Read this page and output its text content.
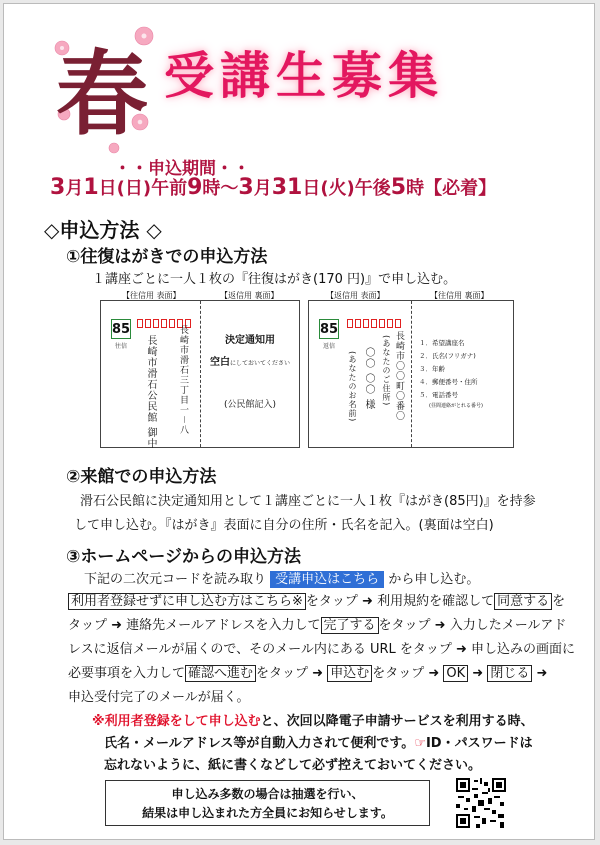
春 受講生募集
・・申込期間・・
3月1日(日)午前9時〜3月31日(火)午後5時【必着】
◇申込方法 ◇
①往復はがきでの申込方法
１講座ごとに一人１枚の『往復はがき(170 円)』で申し込む。
【往信用 表面】	【返信用 裏面】
85
往信 長崎市滑石公民館 御中 長崎市滑石三丁目一－八	決定通知用
空白にしておいてください
(公民館記入)
【返信用 表面】	【往信用 裏面】
85
返信	長崎市〇〇町〇番〇
(あなたのご住所)
〇〇 〇〇 様
(あなたのお名前)
１．希望講座名
２．氏名(フリガナ)
３．年齢
４．郵便番号・住所
５．電話番号
(昼間連絡がとれる番号)
②来館での申込方法
滑石公民館に決定通知用として１講座ごとに一人１枚『はがき(85円)』を持参
して申し込む。『はがき』表面に自分の住所・氏名を記入。(裏面は空白)
③ホームページからの申込方法
下記の二次元コードを読み取り 受講申込はこちら から申し込む。
利用者登録せずに申し込む方はこちら※ をタップ ➜ 利用規約を確認して 同意する を
タップ ➜ 連絡先メールアドレスを入力して 完了する をタップ ➜ 入力したメールアド
レスに返信メールが届くので、そのメール内にある URL をタップ ➜ 申し込みの画面に
必要事項を入力して 確認へ進む をタップ ➜ 申込む をタップ ➜ OK ➜ 閉じる ➜
申込受付完了のメールが届く。
※利用者登録をして申し込むと、次回以降電子申請サービスを利用する時、
氏名・メールアドレス等が自動入力されて便利です。☞ID・パスワードは
忘れないように、紙に書くなどして必ず控えておいてください。
申し込み多数の場合は抽選を行い、
結果は申し込まれた方全員にお知らせします。
